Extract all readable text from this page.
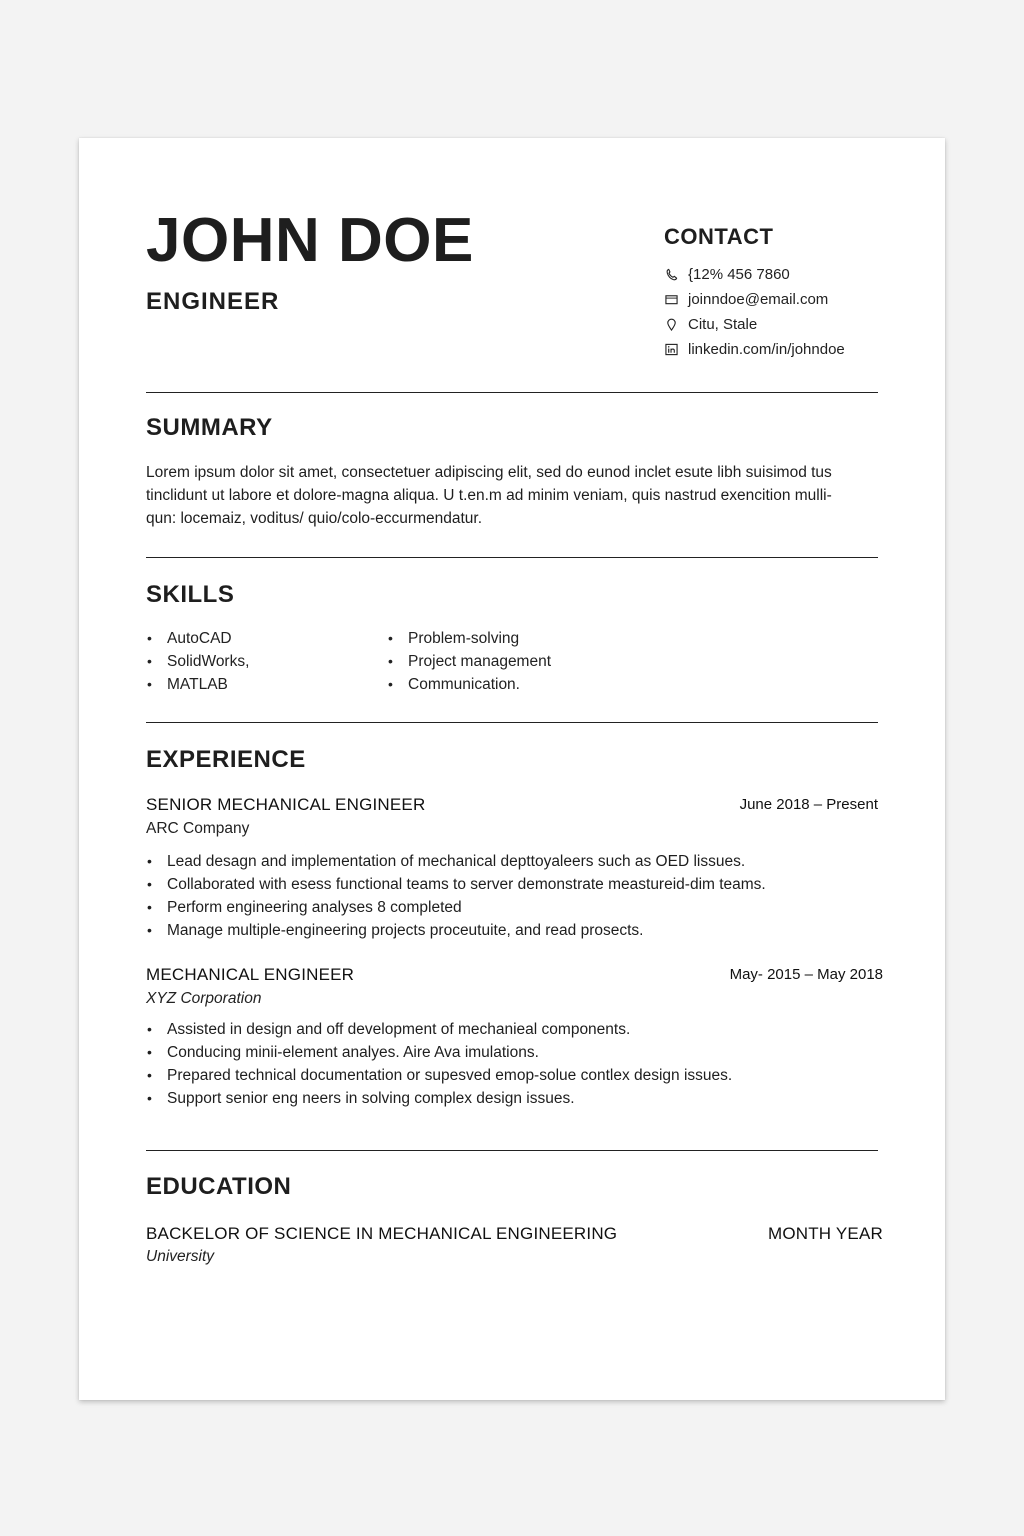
JOHN DOE
ENGINEER
CONTACT
{12% 456 7860
joinndoe@email.com
Citu, Stale
linkedin.com/in/johndoe
SUMMARY
Lorem ipsum dolor sit amet, consectetuer adipiscing elit, sed do eunod inclet esute libh suisimod tus
tinclidunt ut labore et dolore-magna aliqua. U t.en.m ad minim veniam, quis nastrud exencition mulli-
qun: locemaiz, voditus/ quio/colo-eccurmendatur.
SKILLS
• AutoCAD
• SolidWorks,
• MATLAB
• Problem-solving
• Project management
• Communication.
EXPERIENCE
SENIOR MECHANICAL ENGINEER	June 2018 – Present
ARC Company
• Lead desagn and implementation of mechanical depttoyaleers such as OED lissues.
• Collaborated with esess functional teams to server demonstrate meastureid-dim teams.
• Perform engineering analyses 8 completed
• Manage multiple-engineering projects proceutuite, and read prosects.
MECHANICAL ENGINEER	May- 2015 – May 2018
XYZ Corporation
• Assisted in design and off development of mechanieal components.
• Conducing minii-element analyes. Aire Ava imulations.
• Prepared technical documentation or supesved emop-solue contlex design issues.
• Support senior eng neers in solving complex design issues.
EDUCATION
BACKELOR OF SCIENCE IN MECHANICAL ENGINEERING	MONTH YEAR
University
